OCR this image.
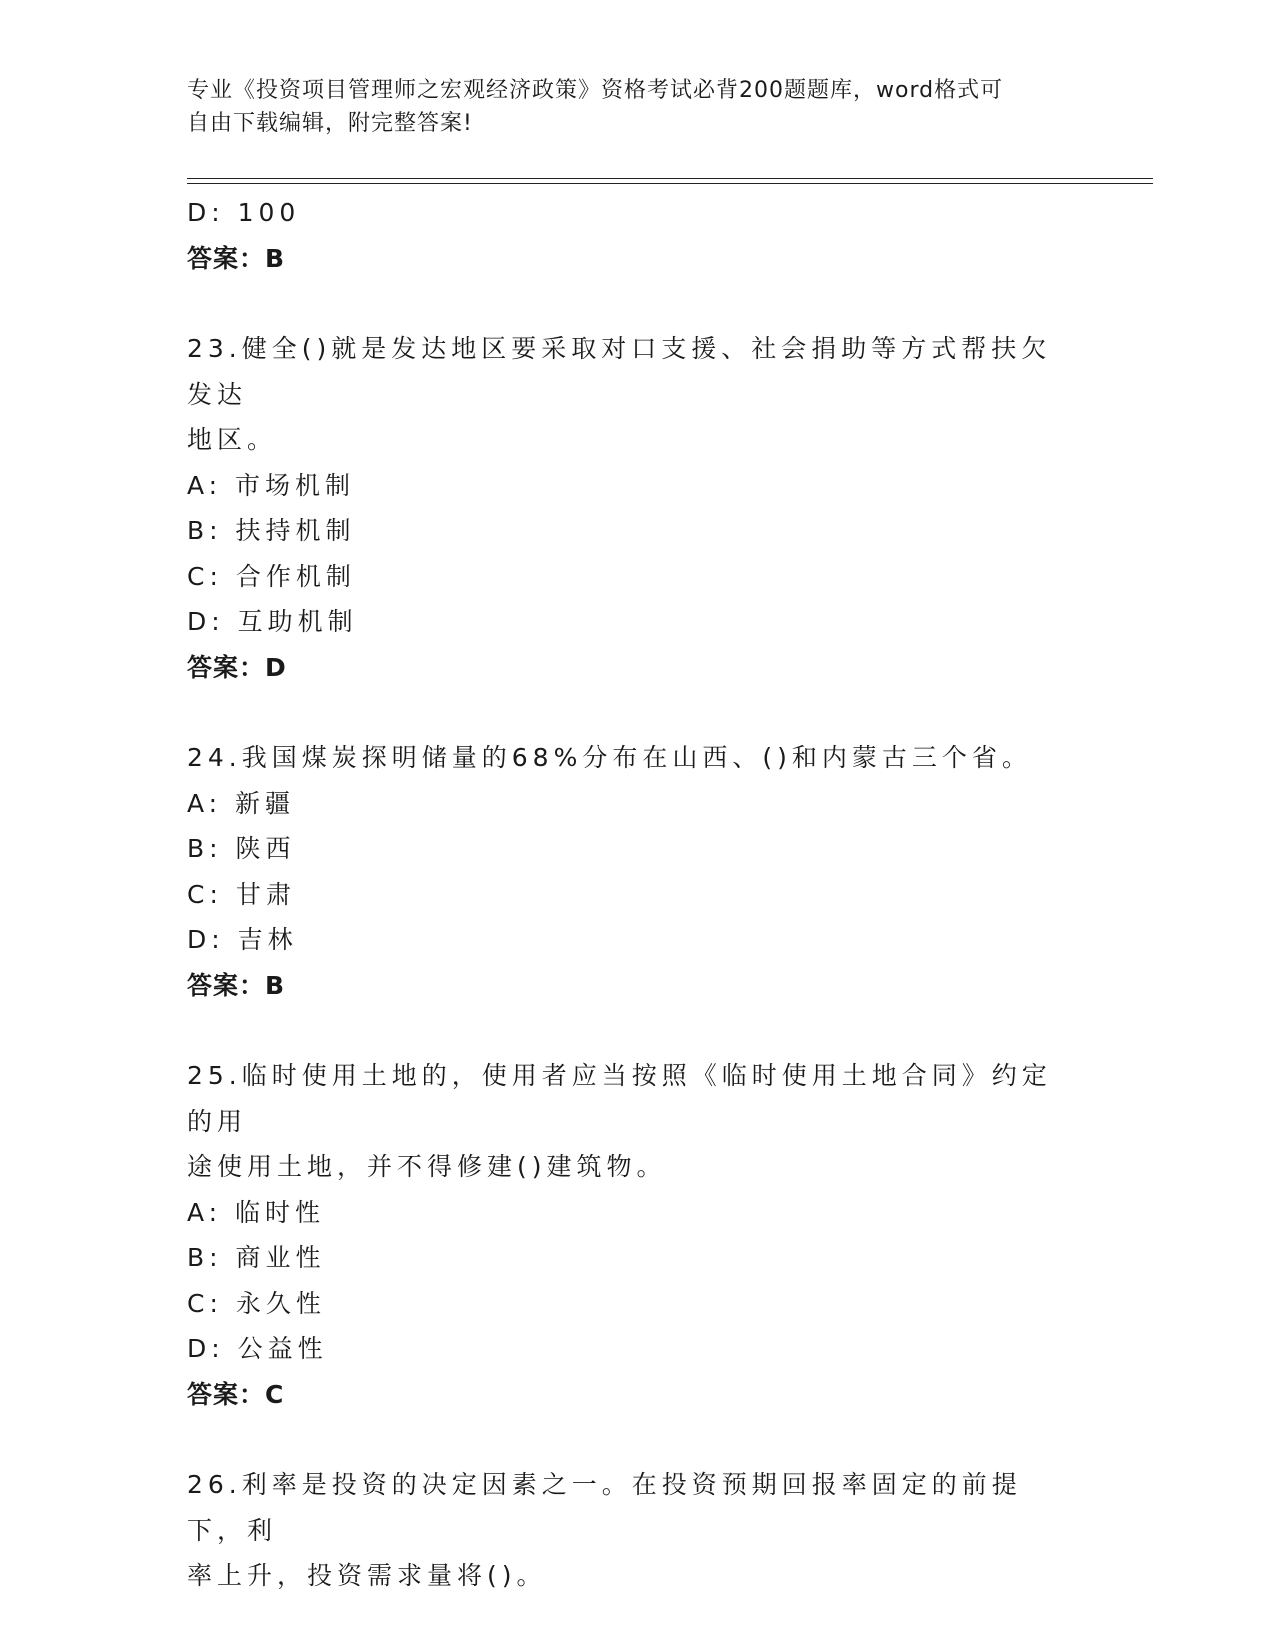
专业《投资项目管理师之宏观经济政策》资格考试必背200题题库，word格式可
自由下载编辑，附完整答案!
D: 100
答案：B
23.健全()就是发达地区要采取对口支援、社会捐助等方式帮扶欠发达
地区。
A: 市场机制
B: 扶持机制
C: 合作机制
D: 互助机制
答案：D
24.我国煤炭探明储量的68%分布在山西、()和内蒙古三个省。
A: 新疆
B: 陕西
C: 甘肃
D: 吉林
答案：B
25.临时使用土地的，使用者应当按照《临时使用土地合同》约定的用
途使用土地，并不得修建()建筑物。
A: 临时性
B: 商业性
C: 永久性
D: 公益性
答案：C
26.利率是投资的决定因素之一。在投资预期回报率固定的前提下，利
率上升，投资需求量将()。
